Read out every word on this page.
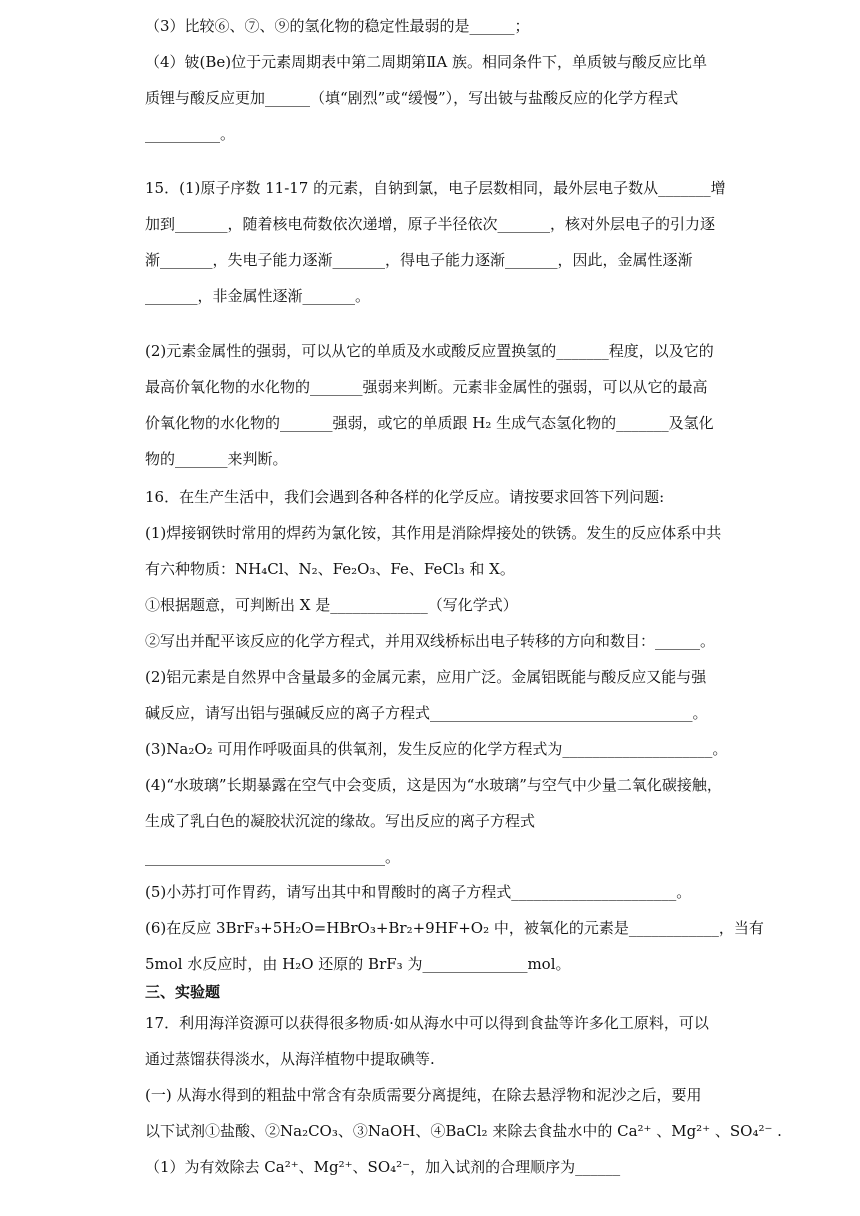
（3）比较⑥、⑦、⑨的氢化物的稳定性最弱的是______；
（4）铍(Be)位于元素周期表中第二周期第ⅡA 族。相同条件下，单质铍与酸反应比单
质锂与酸反应更加______（填“剧烈”或“缓慢”），写出铍与盐酸反应的化学方程式
__________。
15．(1)原子序数 11-17 的元素，自钠到氯，电子层数相同，最外层电子数从_______增
加到_______，随着核电荷数依次递增，原子半径依次_______，核对外层电子的引力逐
渐_______，失电子能力逐渐_______，得电子能力逐渐_______，因此，金属性逐渐
_______，非金属性逐渐_______。
(2)元素金属性的强弱，可以从它的单质及水或酸反应置换氢的_______程度，以及它的
最高价氧化物的水化物的_______强弱来判断。元素非金属性的强弱，可以从它的最高
价氧化物的水化物的_______强弱，或它的单质跟 H₂ 生成气态氢化物的_______及氢化
物的_______来判断。
16．在生产生活中，我们会遇到各种各样的化学反应。请按要求回答下列问题:
(1)焊接钢铁时常用的焊药为氯化铵，其作用是消除焊接处的铁锈。发生的反应体系中共
有六种物质：NH₄Cl、N₂、Fe₂O₃、Fe、FeCl₃ 和 X。
①根据题意，可判断出 X 是_____________（写化学式）
②写出并配平该反应的化学方程式，并用双线桥标出电子转移的方向和数目：______。
(2)铝元素是自然界中含量最多的金属元素，应用广泛。金属铝既能与酸反应又能与强
碱反应，请写出铝与强碱反应的离子方程式___________________________________。
(3)Na₂O₂ 可用作呼吸面具的供氧剂，发生反应的化学方程式为____________________。
(4)“水玻璃”长期暴露在空气中会变质，这是因为“水玻璃”与空气中少量二氧化碳接触，
生成了乳白色的凝胶状沉淀的缘故。写出反应的离子方程式
________________________________。
(5)小苏打可作胃药，请写出其中和胃酸时的离子方程式______________________。
(6)在反应 3BrF₃+5H₂O=HBrO₃+Br₂+9HF+O₂ 中，被氧化的元素是____________，当有
5mol 水反应时，由 H₂O 还原的 BrF₃ 为______________mol。
三、实验题
17．利用海洋资源可以获得很多物质·如从海水中可以得到食盐等许多化工原料，可以
通过蒸馏获得淡水，从海洋植物中提取碘等.
(一) 从海水得到的粗盐中常含有杂质需要分离提纯，在除去悬浮物和泥沙之后，要用
以下试剂①盐酸、②Na₂CO₃、③NaOH、④BaCl₂ 来除去食盐水中的 Ca²⁺ 、Mg²⁺ 、SO₄²⁻ .
（1）为有效除去 Ca²⁺、Mg²⁺、SO₄²⁻，加入试剂的合理顺序为______
